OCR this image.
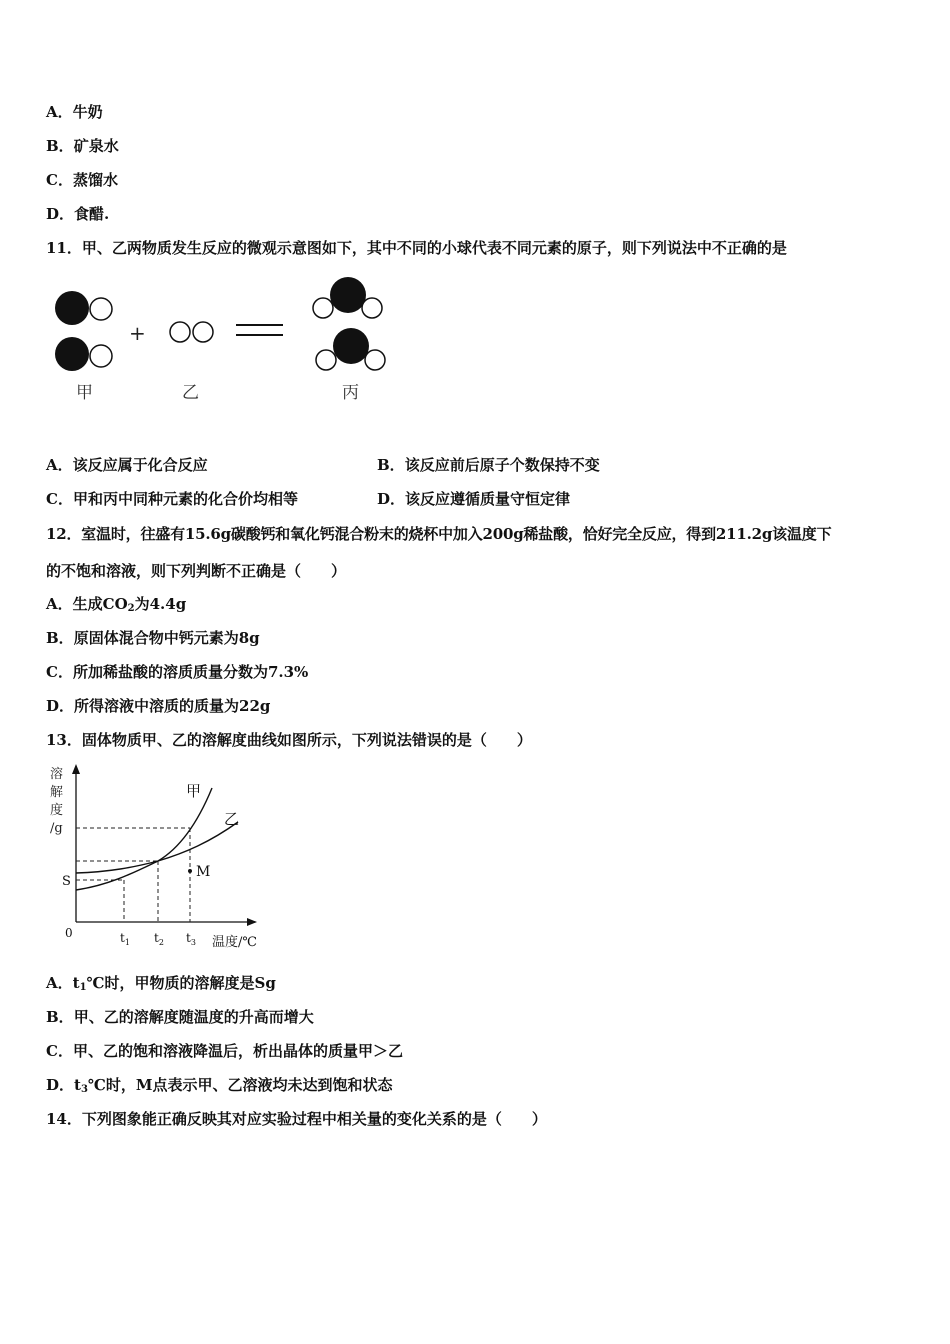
A．牛奶
B．矿泉水
C．蒸馏水
D．食醋.
11．甲、乙两物质发生反应的微观示意图如下，其中不同的小球代表不同元素的原子，则下列说法中不正确的是
+
甲	乙	丙
A．该反应属于化合反应	B．该反应前后原子个数保持不变
C．甲和丙中同种元素的化合价均相等	D．该反应遵循质量守恒定律
12．室温时，往盛有15.6g碳酸钙和氧化钙混合粉末的烧杯中加入200g稀盐酸，恰好完全反应，得到211.2g该温度下
的不饱和溶液，则下列判断不正确是（　　）
A．生成$CO_2$为4.4g
B．原固体混合物中钙元素为8g
C．所加稀盐酸的溶质质量分数为7.3%
D．所得溶液中溶质的质量为22g
13．固体物质甲、乙的溶解度曲线如图所示，下列说法错误的是（　　）
溶
解
度
/g
M
甲
乙
S
0	$t_1$ $t_2$ $t_3$ 温度/℃
A．$t_1℃$时，甲物质的溶解度是Sg
B．甲、乙的溶解度随温度的升高而增大
C．甲、乙的饱和溶液降温后，析出晶体的质量甲＞乙
D．$t_3℃$时，M点表示甲、乙溶液均未达到饱和状态
14．下列图象能正确反映其对应实验过程中相关量的变化关系的是（　　）
